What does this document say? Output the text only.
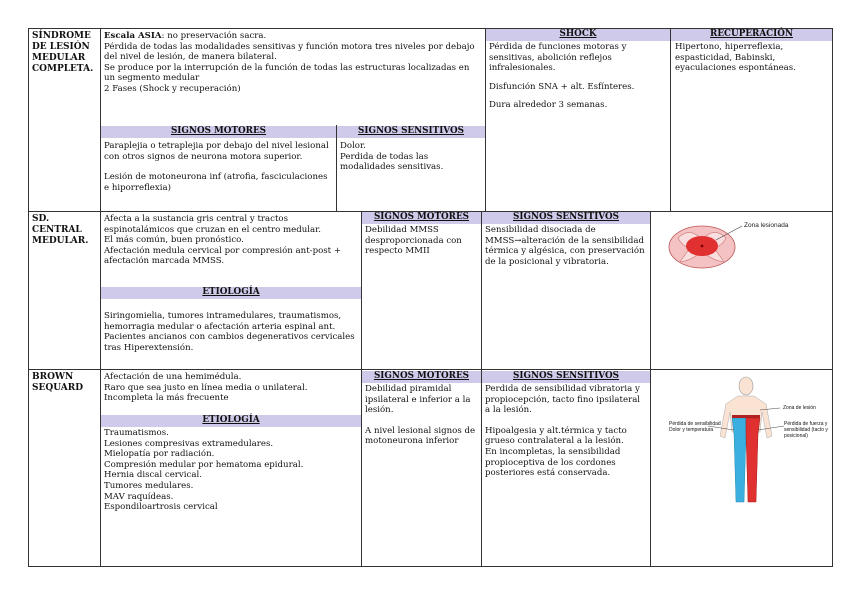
SÍNDROME DE LESIÓN MEDULAR COMPLETA.

Escala ASIA: no preservación sacra.

Pérdida de todas las modalidades sensitivas y función motora tres niveles por debajo del nivel de lesión, de manera bilateral.

Se produce por la interrupción de la función de todas las estructuras localizadas en un segmento medular

2 Fases (Shock y recuperación)

SIGNOS MOTORES	SIGNOS SENSITIVOS

Paraplejia o tetraplejia por debajo del nivel lesional con otros signos de neurona motora superior.

Lesión de motoneurona inf (atrofia, fasciculaciones e hiporreflexia)

Dolor.

Perdida de todas las modalidades sensitivas.

SHOCK

Pérdida de funciones motoras y sensitivas, abolición reflejos infralesionales.

Disfunción SNA + alt. Esfínteres.

Dura alrededor 3 semanas.

RECUPERACIÓN
Hipertono, hiperreflexia, espasticidad, Babinski, eyaculaciones espontáneas.
SD. CENTRAL MEDULAR.

Afecta a la sustancia gris central y tractos espinotalámicos que cruzan en el centro medular.

El más común, buen pronóstico.

Afectación medula cervical por compresión ant-post + afectación marcada MMSS.

ETIOLOGÍA

Siringomielia, tumores intramedulares, traumatismos, hemorragia medular o afectación arteria espinal ant.

Pacientes ancianos con cambios degenerativos cervicales tras Hiperextensión.

SIGNOS MOTORES
Debilidad MMSS desproporcionada con respecto MMII
SIGNOS SENSITIVOS
Sensibilidad disociada de MMSS→alteración de la sensibilidad térmica y algésica, con preservación de la posicional y vibratoria.
Zona lesionada
BROWN SEQUARD

Afectación de una hemimédula.

Raro que sea justo en línea media o unilateral.

Incompleta la más frecuente

ETIOLOGÍA

Traumatismos.

Lesiones compresivas extramedulares.

Mielopatía por radiación.

Compresión medular por hematoma epidural.

Hernia discal cervical.

Tumores medulares.

MAV raquídeas.

Espondiloartrosis cervical

SIGNOS MOTORES

Debilidad piramidal ipsilateral e inferior a la lesión.

A nivel lesional signos de motoneurona inferior

SIGNOS SENSITIVOS

Perdida de sensibilidad vibratoria y propiocepción, tacto fino ipsilateral a la lesión.

Hipoalgesia y alt.térmica y tacto grueso contralateral a la lesión.

En incompletas, la sensibilidad propioceptiva de los cordones posteriores está conservada.

Zona de lesión
Pérdida de sensibilidad Dolor y temperatura
Pérdida de fuerza y sensibilidad (tacto y posicional)
